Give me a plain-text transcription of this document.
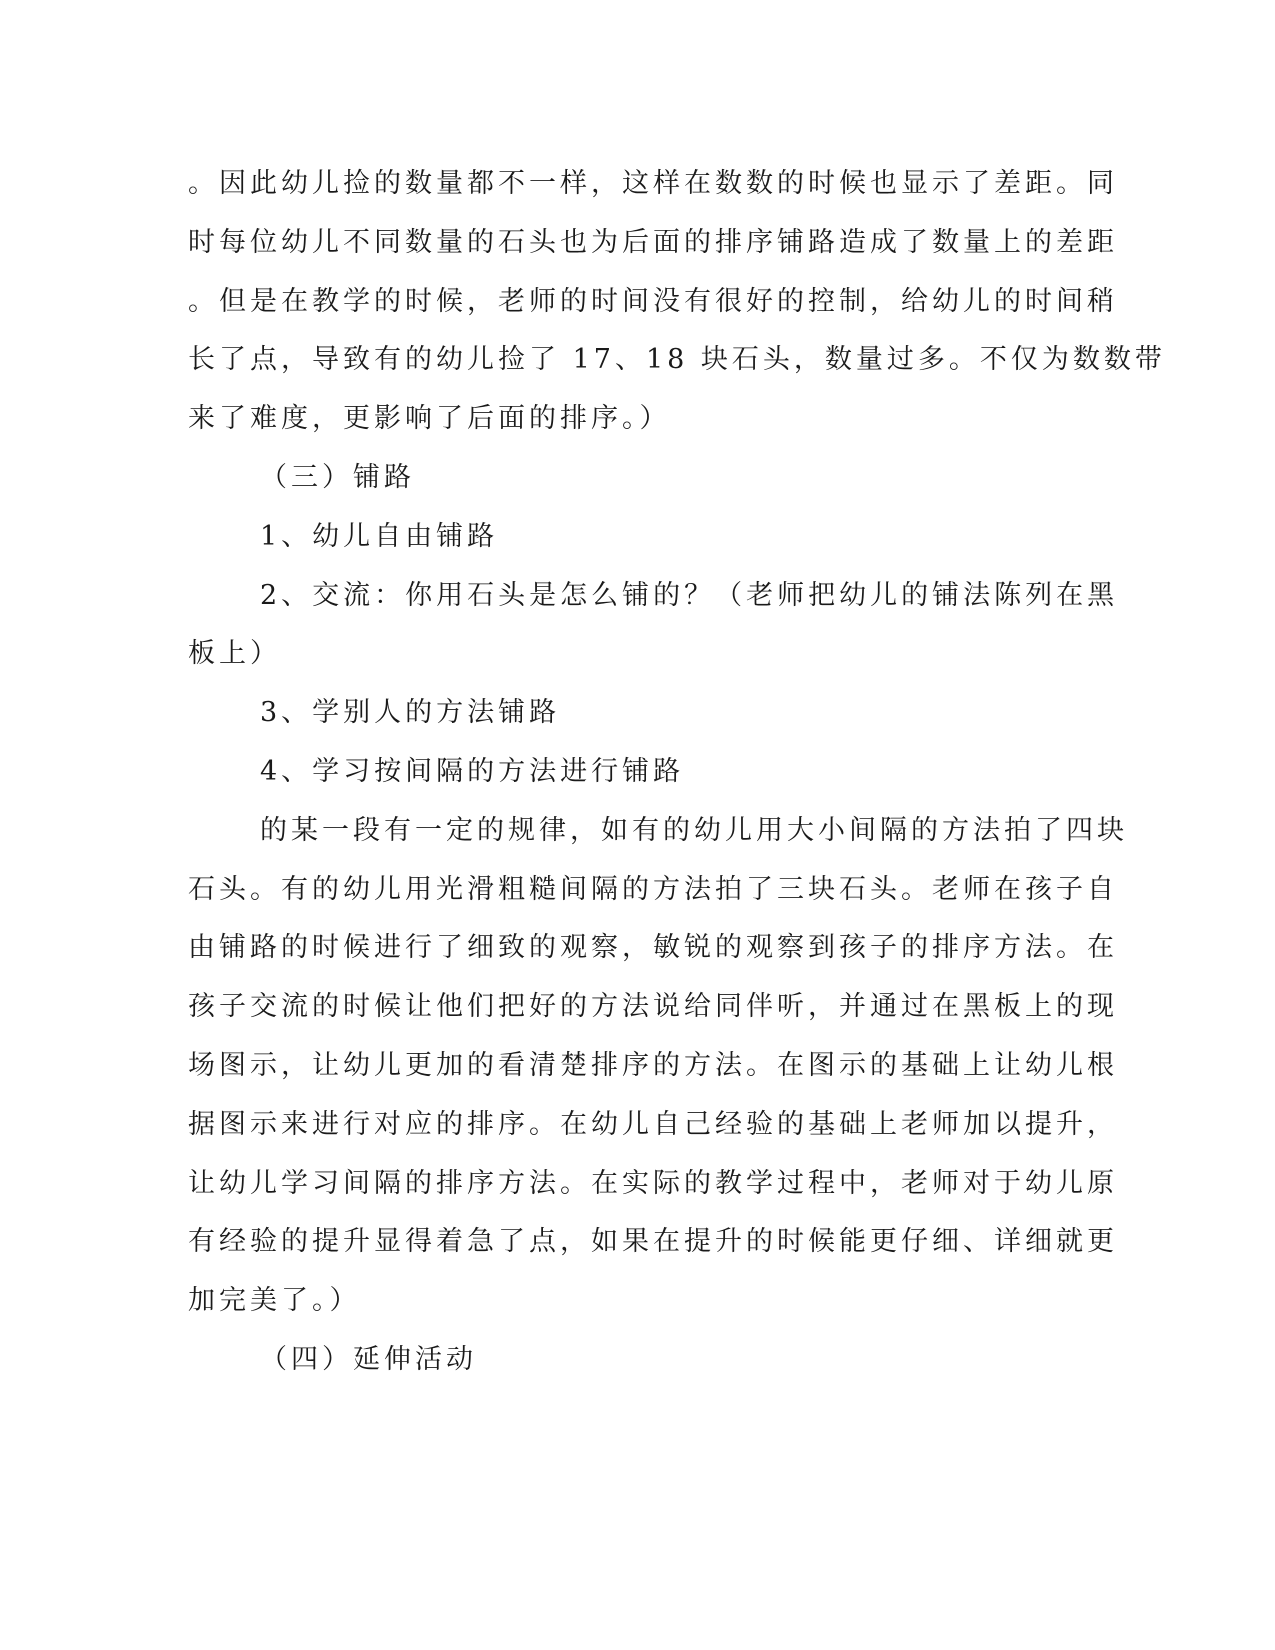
。因此幼儿捡的数量都不一样，这样在数数的时候也显示了差距。同
时每位幼儿不同数量的石头也为后面的排序铺路造成了数量上的差距
。但是在教学的时候，老师的时间没有很好的控制，给幼儿的时间稍
长了点，导致有的幼儿捡了 17、18 块石头，数量过多。不仅为数数带
来了难度，更影响了后面的排序。）
（三）铺路
1、幼儿自由铺路
2、交流：你用石头是怎么铺的？（老师把幼儿的铺法陈列在黑
板上）
3、学别人的方法铺路
4、学习按间隔的方法进行铺路
的某一段有一定的规律，如有的幼儿用大小间隔的方法拍了四块
石头。有的幼儿用光滑粗糙间隔的方法拍了三块石头。老师在孩子自
由铺路的时候进行了细致的观察，敏锐的观察到孩子的排序方法。在
孩子交流的时候让他们把好的方法说给同伴听，并通过在黑板上的现
场图示，让幼儿更加的看清楚排序的方法。在图示的基础上让幼儿根
据图示来进行对应的排序。在幼儿自己经验的基础上老师加以提升，
让幼儿学习间隔的排序方法。在实际的教学过程中，老师对于幼儿原
有经验的提升显得着急了点，如果在提升的时候能更仔细、详细就更
加完美了。）
（四）延伸活动
